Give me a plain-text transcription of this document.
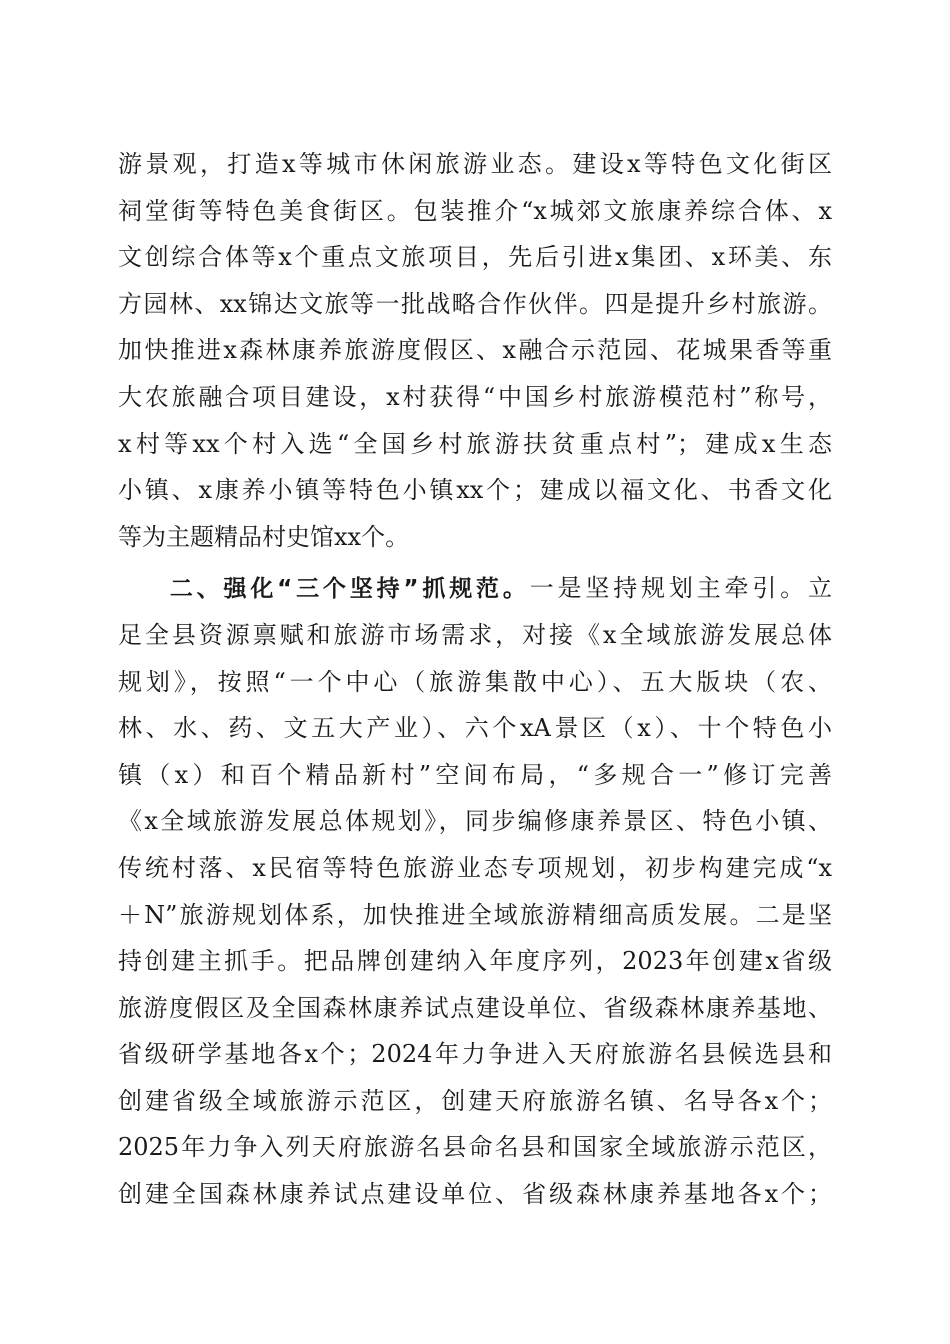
游景观，打造x等城市休闲旅游业态。建设x等特色文化街区
祠堂街等特色美食街区。包装推介“x城郊文旅康养综合体、x
文创综合体等x个重点文旅项目，先后引进x集团、x环美、东
方园林、xx锦达文旅等一批战略合作伙伴。四是提升乡村旅游。
加快推进x森林康养旅游度假区、x融合示范园、花城果香等重
大农旅融合项目建设，x村获得“中国乡村旅游模范村”称号，
x村等xx个村入选“全国乡村旅游扶贫重点村”；建成x生态
小镇、x康养小镇等特色小镇xx个；建成以福文化、书香文化
等为主题精品村史馆xx个。
二、强化“三个坚持”抓规范。一是坚持规划主牵引。立
足全县资源禀赋和旅游市场需求，对接《x全域旅游发展总体
规划》，按照“一个中心（旅游集散中心）、五大版块（农、
林、水、药、文五大产业）、六个xA景区（x）、十个特色小
镇（x）和百个精品新村”空间布局，“多规合一”修订完善
《x全域旅游发展总体规划》，同步编修康养景区、特色小镇、
传统村落、x民宿等特色旅游业态专项规划，初步构建完成“x
＋N”旅游规划体系，加快推进全域旅游精细高质发展。二是坚
持创建主抓手。把品牌创建纳入年度序列，2023年创建x省级
旅游度假区及全国森林康养试点建设单位、省级森林康养基地、
省级研学基地各x个；2024年力争进入天府旅游名县候选县和
创建省级全域旅游示范区，创建天府旅游名镇、名导各x个；
2025年力争入列天府旅游名县命名县和国家全域旅游示范区，
创建全国森林康养试点建设单位、省级森林康养基地各x个；
